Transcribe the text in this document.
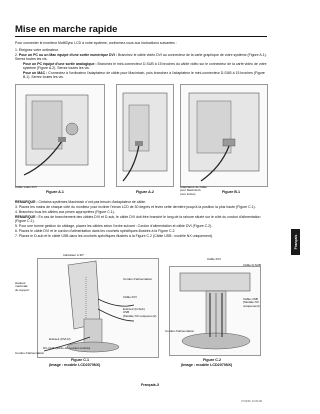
Mise en marche rapide
Pour connecter le moniteur MultiSync LCD à votre système, conformez-vous aux instructions suivantes :

1. Éteignez votre ordinateur.

2. Pour un PC ou un Mac équipé d'une sortie numérique DVI : Branchez le câble vidéo DVI au connecteur de la carte graphique de votre système (Figure A.1). Serrez toutes les vis.

Pour un PC équipé d'une sortie analogique : Branchez le mini-connecteur D-SUB à 15 broches du câble vidéo sur le connecteur de la carte vidéo de votre système (Figure A.2). Serrez toutes les vis.

Pour un MAC : Connectez à l'ordinateur l'adaptateur de câble pour Macintosh, puis branchez à l'adaptateur le mini-connecteur D-SUB à 15 broches (Figure B.1). Serrez toutes les vis.

Câble vidéo DVI
Figure A.1	Figure A.2
Adaptateur de câble
pour Macintosh
(non inclus)	Figure B.1

REMARQUE : Certains systèmes Macintosh n'ont pas besoin d'adaptateur de câble.

3. Placez les mains de chaque côté du moniteur pour incliner l'écran LCD de 30 degrés et levez cette dernière jusqu'à la position la plus haute (Figure C.1).

4. Branchez tous les câbles aux prises appropriées (Figure C.1).

REMARQUE : En cas de branchement des câbles DVI et D-sub, le câble DVI doit être branché le long de la rainure située sur le côté du cordon d'alimentation (Figure C.1).

5. Pour une bonne gestion du câblage, placez les câbles selon l'ordre suivant : Cordon d'alimentation et câble DVI (Figure C.2).

6. Placez le câble DVI et le cordon d'alimentation dans les crochets spécifiques illustrés à la Figure C.2.

7. Placez le D-sub et le câble USB dans les crochets spécifiques illustrés à la Figure C.2 (Câble USB : modèle NX uniquement).

Indicateur à 30°
Hauteur
maximale
du support
Cordon d'alimentation
Câble DVI
Entrée2 (D-Sub)
USB
(Modèle NX uniquement)
Entrée1 (DVI-D)
DC-OUT (sortie de courant continu)
Cordon d'alimentation
Figure C.1
(Image : modèle LCD2070NX)
Câble DVI
Câble D-SUB
Câble USB
(Modèle NX
uniquement)
Cordon d'alimentation
Figure C.2
(Image : modèle LCD2070NX)
Français
Français-3
07/13/06, 10:26 AM
